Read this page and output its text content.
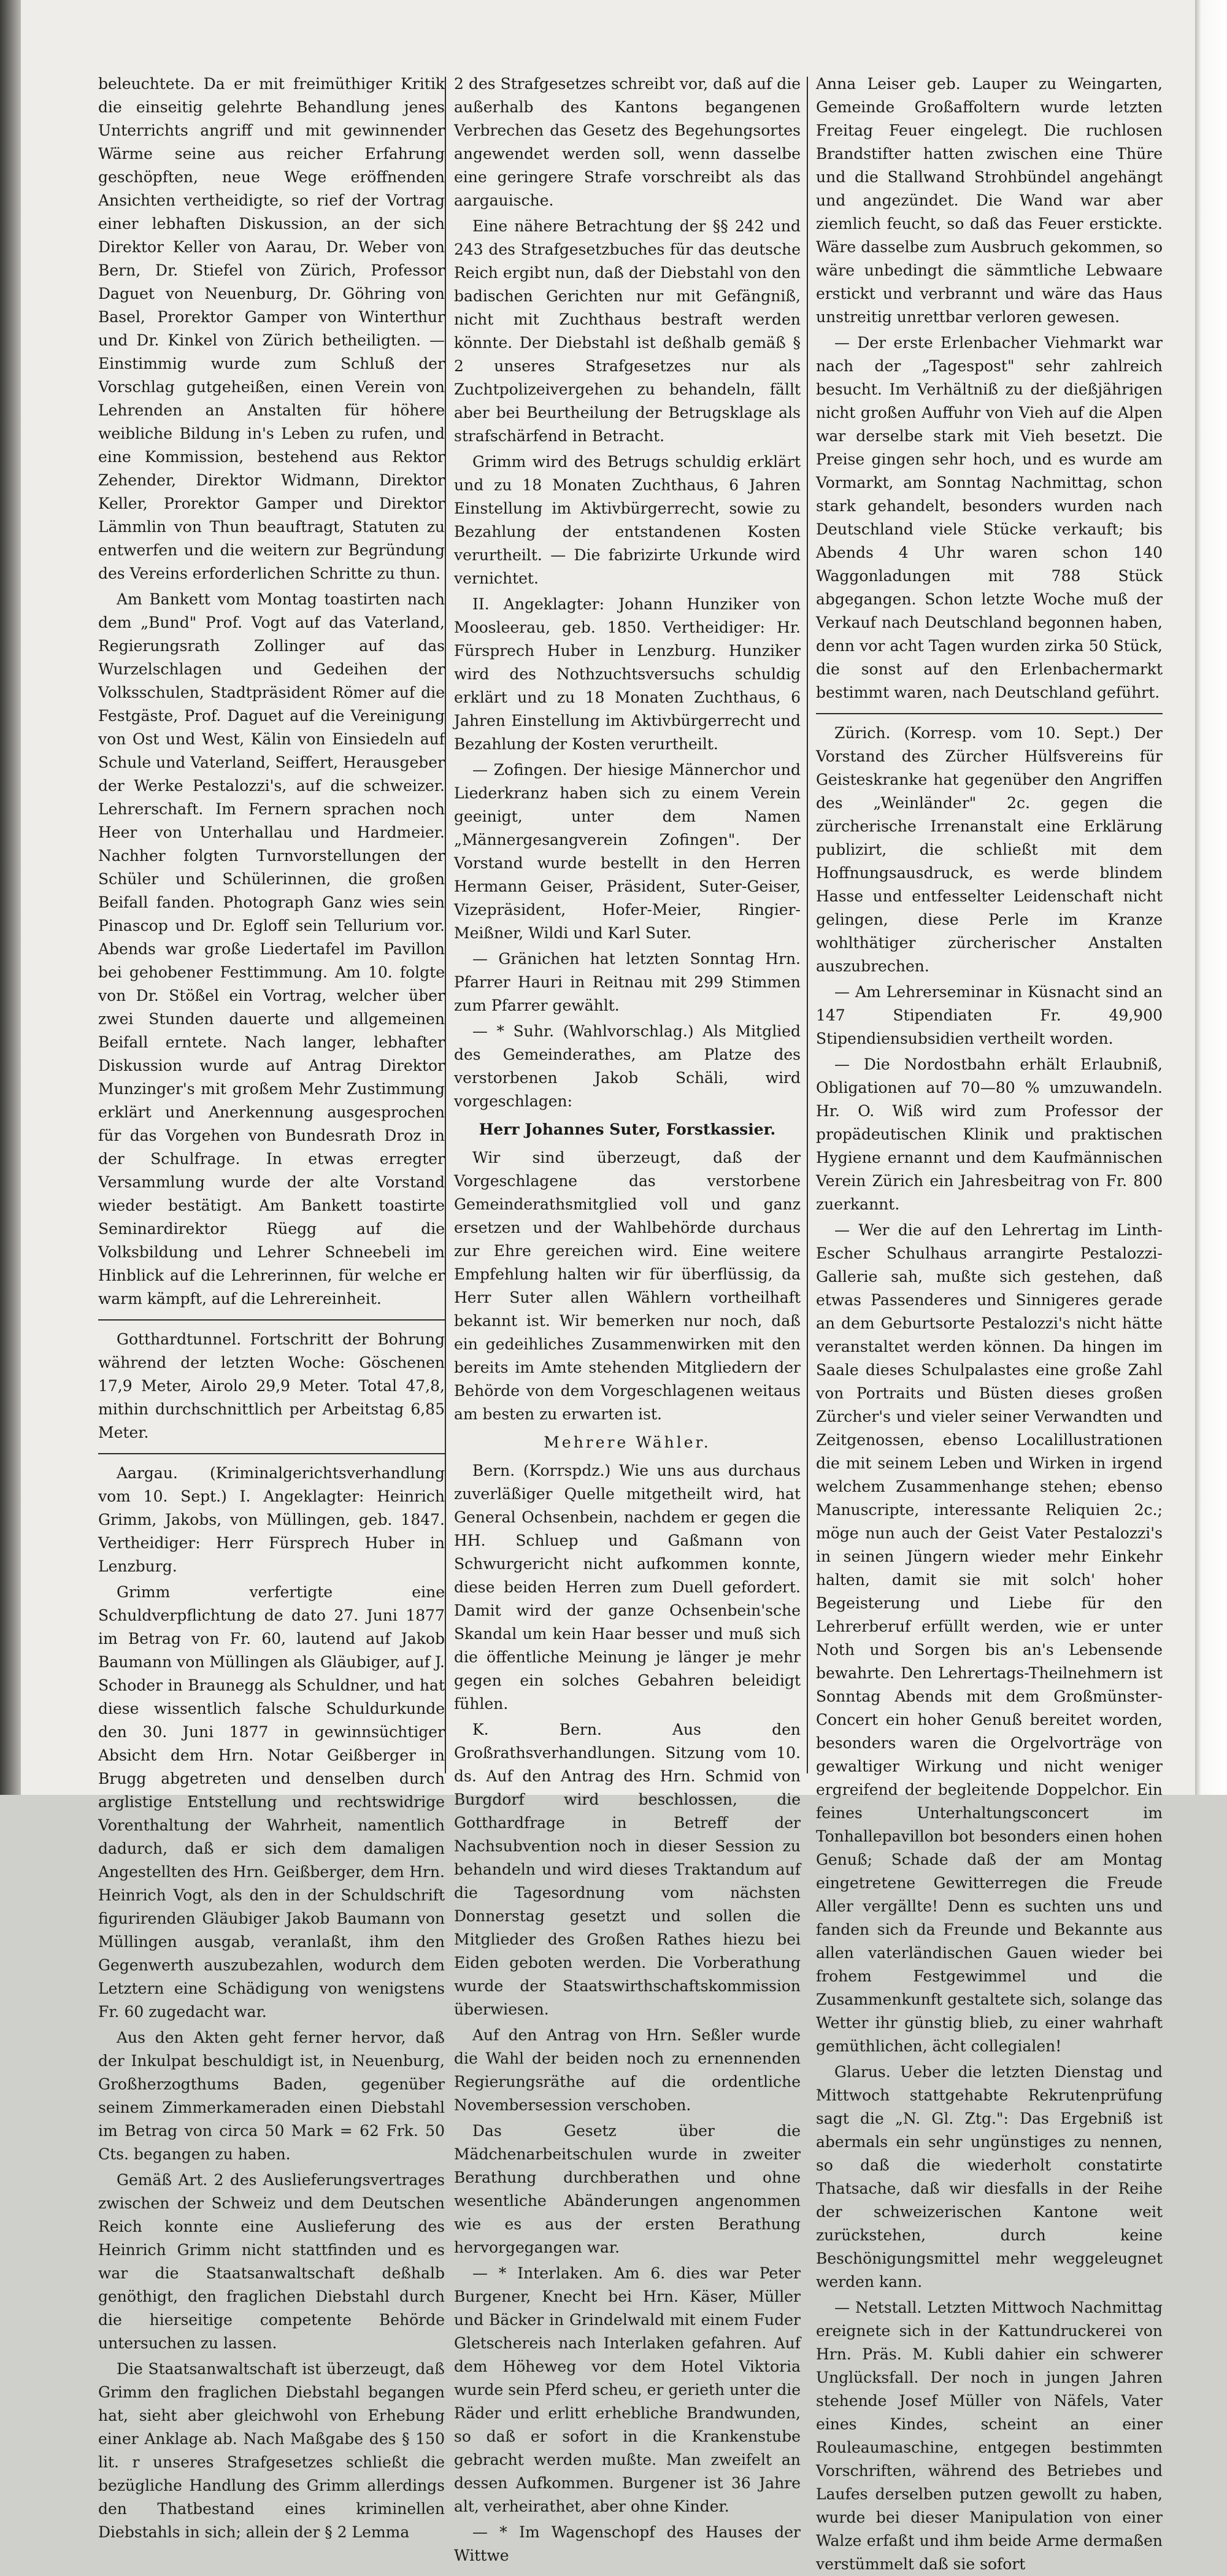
beleuchtete. Da er mit freimüthiger Kritik die einseitig gelehrte Behandlung jenes Unterrichts angriff und mit gewinnender Wärme seine aus reicher Erfahrung geschöpften, neue Wege eröffnenden Ansichten vertheidigte, so rief der Vortrag einer lebhaften Diskussion, an der sich Direktor Keller von Aarau, Dr. Weber von Bern, Dr. Stiefel von Zürich, Professor Daguet von Neuenburg, Dr. Göhring von Basel, Prorektor Gamper von Winterthur und Dr. Kinkel von Zürich betheiligten. — Einstimmig wurde zum Schluß der Vorschlag gutgeheißen, einen Verein von Lehrenden an Anstalten für höhere weibliche Bildung in's Leben zu rufen, und eine Kommission, bestehend aus Rektor Zehender, Direktor Widmann, Direktor Keller, Prorektor Gamper und Direktor Lämmlin von Thun beauftragt, Statuten zu entwerfen und die weitern zur Begründung des Vereins erforderlichen Schritte zu thun.

Am Bankett vom Montag toastirten nach dem „Bund" Prof. Vogt auf das Vaterland, Regierungsrath Zollinger auf das Wurzelschlagen und Gedeihen der Volksschulen, Stadtpräsident Römer auf die Festgäste, Prof. Daguet auf die Vereinigung von Ost und West, Kälin von Einsiedeln auf Schule und Vaterland, Seiffert, Herausgeber der Werke Pestalozzi's, auf die schweizer. Lehrerschaft. Im Fernern sprachen noch Heer von Unterhallau und Hardmeier. Nachher folgten Turnvorstellungen der Schüler und Schülerinnen, die großen Beifall fanden. Photograph Ganz wies sein Pinascop und Dr. Egloff sein Tellurium vor. Abends war große Liedertafel im Pavillon bei gehobener Festtimmung. Am 10. folgte von Dr. Stößel ein Vortrag, welcher über zwei Stunden dauerte und allgemeinen Beifall erntete. Nach langer, lebhafter Diskussion wurde auf Antrag Direktor Munzinger's mit großem Mehr Zustimmung erklärt und Anerkennung ausgesprochen für das Vorgehen von Bundesrath Droz in der Schulfrage. In etwas erregter Versammlung wurde der alte Vorstand wieder bestätigt. Am Bankett toastirte Seminardirektor Rüegg auf die Volksbildung und Lehrer Schneebeli im Hinblick auf die Lehrerinnen, für welche er warm kämpft, auf die Lehrereinheit.

Gotthardtunnel. Fortschritt der Bohrung während der letzten Woche: Göschenen 17,9 Meter, Airolo 29,9 Meter. Total 47,8, mithin durchschnittlich per Arbeitstag 6,85 Meter.

Aargau. (Kriminalgerichtsverhandlung vom 10. Sept.) I. Angeklagter: Heinrich Grimm, Jakobs, von Müllingen, geb. 1847. Vertheidiger: Herr Fürsprech Huber in Lenzburg.

Grimm verfertigte eine Schuldverpflichtung de dato 27. Juni 1877 im Betrag von Fr. 60, lautend auf Jakob Baumann von Müllingen als Gläubiger, auf J. Schoder in Braunegg als Schuldner, und hat diese wissentlich falsche Schuldurkunde den 30. Juni 1877 in gewinnsüchtiger Absicht dem Hrn. Notar Geißberger in Brugg abgetreten und denselben durch arglistige Entstellung und rechtswidrige Vorenthaltung der Wahrheit, namentlich dadurch, daß er sich dem damaligen Angestellten des Hrn. Geißberger, dem Hrn. Heinrich Vogt, als den in der Schuldschrift figurirenden Gläubiger Jakob Baumann von Müllingen ausgab, veranlaßt, ihm den Gegenwerth auszubezahlen, wodurch dem Letztern eine Schädigung von wenigstens Fr. 60 zugedacht war.

Aus den Akten geht ferner hervor, daß der Inkulpat beschuldigt ist, in Neuenburg, Großherzogthums Baden, gegenüber seinem Zimmerkameraden einen Diebstahl im Betrag von circa 50 Mark = 62 Frk. 50 Cts. begangen zu haben.

Gemäß Art. 2 des Auslieferungsvertrages zwischen der Schweiz und dem Deutschen Reich konnte eine Auslieferung des Heinrich Grimm nicht stattfinden und es war die Staatsanwaltschaft deßhalb genöthigt, den fraglichen Diebstahl durch die hierseitige competente Behörde untersuchen zu lassen.

Die Staatsanwaltschaft ist überzeugt, daß Grimm den fraglichen Diebstahl begangen hat, sieht aber gleichwohl von Erhebung einer Anklage ab. Nach Maßgabe des § 150 lit. r unseres Strafgesetzes schließt die bezügliche Handlung des Grimm allerdings den Thatbestand eines kriminellen Diebstahls in sich; allein der § 2 Lemma

2 des Strafgesetzes schreibt vor, daß auf die außerhalb des Kantons begangenen Verbrechen das Gesetz des Begehungsortes angewendet werden soll, wenn dasselbe eine geringere Strafe vorschreibt als das aargauische.

Eine nähere Betrachtung der §§ 242 und 243 des Strafgesetzbuches für das deutsche Reich ergibt nun, daß der Diebstahl von den badischen Gerichten nur mit Gefängniß, nicht mit Zuchthaus bestraft werden könnte. Der Diebstahl ist deßhalb gemäß § 2 unseres Strafgesetzes nur als Zuchtpolizeivergehen zu behandeln, fällt aber bei Beurtheilung der Betrugsklage als strafschärfend in Betracht.

Grimm wird des Betrugs schuldig erklärt und zu 18 Monaten Zuchthaus, 6 Jahren Einstellung im Aktivbürgerrecht, sowie zu Bezahlung der entstandenen Kosten verurtheilt. — Die fabrizirte Urkunde wird vernichtet.

II. Angeklagter: Johann Hunziker von Moosleerau, geb. 1850. Vertheidiger: Hr. Fürsprech Huber in Lenzburg. Hunziker wird des Nothzuchtsversuchs schuldig erklärt und zu 18 Monaten Zuchthaus, 6 Jahren Einstellung im Aktivbürgerrecht und Bezahlung der Kosten verurtheilt.

— Zofingen. Der hiesige Männerchor und Liederkranz haben sich zu einem Verein geeinigt, unter dem Namen „Männergesangverein Zofingen". Der Vorstand wurde bestellt in den Herren Hermann Geiser, Präsident, Suter-Geiser, Vizepräsident, Hofer-Meier, Ringier-Meißner, Wildi und Karl Suter.

— Gränichen hat letzten Sonntag Hrn. Pfarrer Hauri in Reitnau mit 299 Stimmen zum Pfarrer gewählt.

— * Suhr. (Wahlvorschlag.) Als Mitglied des Gemeinderathes, am Platze des verstorbenen Jakob Schäli, wird vorgeschlagen:

Herr Johannes Suter, Forstkassier.

Wir sind überzeugt, daß der Vorgeschlagene das verstorbene Gemeinderathsmitglied voll und ganz ersetzen und der Wahlbehörde durchaus zur Ehre gereichen wird. Eine weitere Empfehlung halten wir für überflüssig, da Herr Suter allen Wählern vortheilhaft bekannt ist. Wir bemerken nur noch, daß ein gedeihliches Zusammenwirken mit den bereits im Amte stehenden Mitgliedern der Behörde von dem Vorgeschlagenen weitaus am besten zu erwarten ist.

Mehrere Wähler.

Bern. (Korrspdz.) Wie uns aus durchaus zuverläßiger Quelle mitgetheilt wird, hat General Ochsenbein, nachdem er gegen die HH. Schluep und Gaßmann von Schwurgericht nicht aufkommen konnte, diese beiden Herren zum Duell gefordert. Damit wird der ganze Ochsenbein'sche Skandal um kein Haar besser und muß sich die öffentliche Meinung je länger je mehr gegen ein solches Gebahren beleidigt fühlen.

K. Bern. Aus den Großrathsverhandlungen. Sitzung vom 10. ds. Auf den Antrag des Hrn. Schmid von Burgdorf wird beschlossen, die Gotthardfrage in Betreff der Nachsubvention noch in dieser Session zu behandeln und wird dieses Traktandum auf die Tagesordnung vom nächsten Donnerstag gesetzt und sollen die Mitglieder des Großen Rathes hiezu bei Eiden geboten werden. Die Vorberathung wurde der Staatswirthschaftskommission überwiesen.

Auf den Antrag von Hrn. Seßler wurde die Wahl der beiden noch zu ernennenden Regierungsräthe auf die ordentliche Novembersession verschoben.

Das Gesetz über die Mädchenarbeitschulen wurde in zweiter Berathung durchberathen und ohne wesentliche Abänderungen angenommen wie es aus der ersten Berathung hervorgegangen war.

— * Interlaken. Am 6. dies war Peter Burgener, Knecht bei Hrn. Käser, Müller und Bäcker in Grindelwald mit einem Fuder Gletschereis nach Interlaken gefahren. Auf dem Höheweg vor dem Hotel Viktoria wurde sein Pferd scheu, er gerieth unter die Räder und erlitt erhebliche Brandwunden, so daß er sofort in die Krankenstube gebracht werden mußte. Man zweifelt an dessen Aufkommen. Burgener ist 36 Jahre alt, verheirathet, aber ohne Kinder.

— * Im Wagenschopf des Hauses der Wittwe

Anna Leiser geb. Lauper zu Weingarten, Gemeinde Großaffoltern wurde letzten Freitag Feuer eingelegt. Die ruchlosen Brandstifter hatten zwischen eine Thüre und die Stallwand Strohbündel angehängt und angezündet. Die Wand war aber ziemlich feucht, so daß das Feuer erstickte. Wäre dasselbe zum Ausbruch gekommen, so wäre unbedingt die sämmtliche Lebwaare erstickt und verbrannt und wäre das Haus unstreitig unrettbar verloren gewesen.

— Der erste Erlenbacher Viehmarkt war nach der „Tagespost" sehr zahlreich besucht. Im Verhältniß zu der dießjährigen nicht großen Auffuhr von Vieh auf die Alpen war derselbe stark mit Vieh besetzt. Die Preise gingen sehr hoch, und es wurde am Vormarkt, am Sonntag Nachmittag, schon stark gehandelt, besonders wurden nach Deutschland viele Stücke verkauft; bis Abends 4 Uhr waren schon 140 Waggonladungen mit 788 Stück abgegangen. Schon letzte Woche muß der Verkauf nach Deutschland begonnen haben, denn vor acht Tagen wurden zirka 50 Stück, die sonst auf den Erlenbachermarkt bestimmt waren, nach Deutschland geführt.

Zürich. (Korresp. vom 10. Sept.) Der Vorstand des Zürcher Hülfsvereins für Geisteskranke hat gegenüber den Angriffen des „Weinländer" 2c. gegen die zürcherische Irrenanstalt eine Erklärung publizirt, die schließt mit dem Hoffnungsausdruck, es werde blindem Hasse und entfesselter Leidenschaft nicht gelingen, diese Perle im Kranze wohlthätiger zürcherischer Anstalten auszubrechen.

— Am Lehrerseminar in Küsnacht sind an 147 Stipendiaten Fr. 49,900 Stipendiensubsidien vertheilt worden.

— Die Nordostbahn erhält Erlaubniß, Obligationen auf 70—80 % umzuwandeln. Hr. O. Wiß wird zum Professor der propädeutischen Klinik und praktischen Hygiene ernannt und dem Kaufmännischen Verein Zürich ein Jahresbeitrag von Fr. 800 zuerkannt.

— Wer die auf den Lehrertag im Linth-Escher Schulhaus arrangirte Pestalozzi-Gallerie sah, mußte sich gestehen, daß etwas Passenderes und Sinnigeres gerade an dem Geburtsorte Pestalozzi's nicht hätte veranstaltet werden können. Da hingen im Saale dieses Schulpalastes eine große Zahl von Portraits und Büsten dieses großen Zürcher's und vieler seiner Verwandten und Zeitgenossen, ebenso Localillustrationen die mit seinem Leben und Wirken in irgend welchem Zusammenhange stehen; ebenso Manuscripte, interessante Reliquien 2c.; möge nun auch der Geist Vater Pestalozzi's in seinen Jüngern wieder mehr Einkehr halten, damit sie mit solch' hoher Begeisterung und Liebe für den Lehrerberuf erfüllt werden, wie er unter Noth und Sorgen bis an's Lebensende bewahrte. Den Lehrertags-Theilnehmern ist Sonntag Abends mit dem Großmünster-Concert ein hoher Genuß bereitet worden, besonders waren die Orgelvorträge von gewaltiger Wirkung und nicht weniger ergreifend der begleitende Doppelchor. Ein feines Unterhaltungsconcert im Tonhallepavillon bot besonders einen hohen Genuß; Schade daß der am Montag eingetretene Gewitterregen die Freude Aller vergällte! Denn es suchten uns und fanden sich da Freunde und Bekannte aus allen vaterländischen Gauen wieder bei frohem Festgewimmel und die Zusammenkunft gestaltete sich, solange das Wetter ihr günstig blieb, zu einer wahrhaft gemüthlichen, ächt collegialen!

Glarus. Ueber die letzten Dienstag und Mittwoch stattgehabte Rekrutenprüfung sagt die „N. Gl. Ztg.": Das Ergebniß ist abermals ein sehr ungünstiges zu nennen, so daß die wiederholt constatirte Thatsache, daß wir diesfalls in der Reihe der schweizerischen Kantone weit zurückstehen, durch keine Beschönigungsmittel mehr weggeleugnet werden kann.

— Netstall. Letzten Mittwoch Nachmittag ereignete sich in der Kattundruckerei von Hrn. Präs. M. Kubli dahier ein schwerer Unglücksfall. Der noch in jungen Jahren stehende Josef Müller von Näfels, Vater eines Kindes, scheint an einer Rouleaumaschine, entgegen bestimmten Vorschriften, während des Betriebes und Laufes derselben putzen gewollt zu haben, wurde bei dieser Manipulation von einer Walze erfaßt und ihm beide Arme dermaßen verstümmelt daß sie sofort
